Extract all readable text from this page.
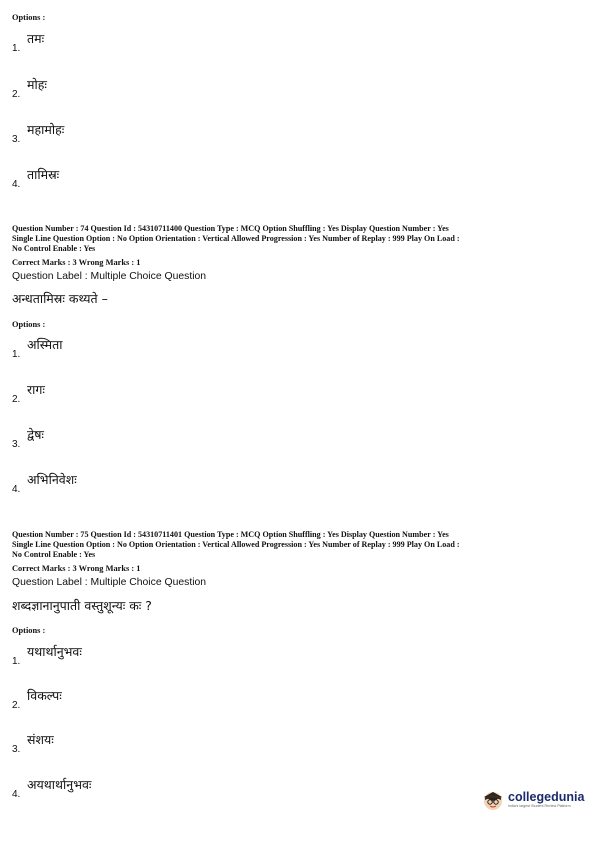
Options :
1.
तमः
2.
मोहः
3.
महामोहः
4.
तामिस्रः
Question Number : 74 Question Id : 54310711400 Question Type : MCQ Option Shuffling : Yes Display Question Number : Yes
Single Line Question Option : No Option Orientation : Vertical Allowed Progression : Yes Number of Replay : 999 Play On Load :
No Control Enable : Yes
Correct Marks : 3 Wrong Marks : 1
Question Label : Multiple Choice Question
अन्धतामिस्रः कथ्यते –
Options :
1.
अस्मिता
2.
रागः
3.
द्वेषः
4.
अभिनिवेशः
Question Number : 75 Question Id : 54310711401 Question Type : MCQ Option Shuffling : Yes Display Question Number : Yes
Single Line Question Option : No Option Orientation : Vertical Allowed Progression : Yes Number of Replay : 999 Play On Load :
No Control Enable : Yes
Correct Marks : 3 Wrong Marks : 1
Question Label : Multiple Choice Question
शब्दज्ञानानुपाती वस्तुशून्यः कः ?
Options :
1.
यथार्थानुभवः
2.
विकल्पः
3.
संशयः
4.
अयथार्थानुभवः
collegedunia
India's largest Student Review Platform
